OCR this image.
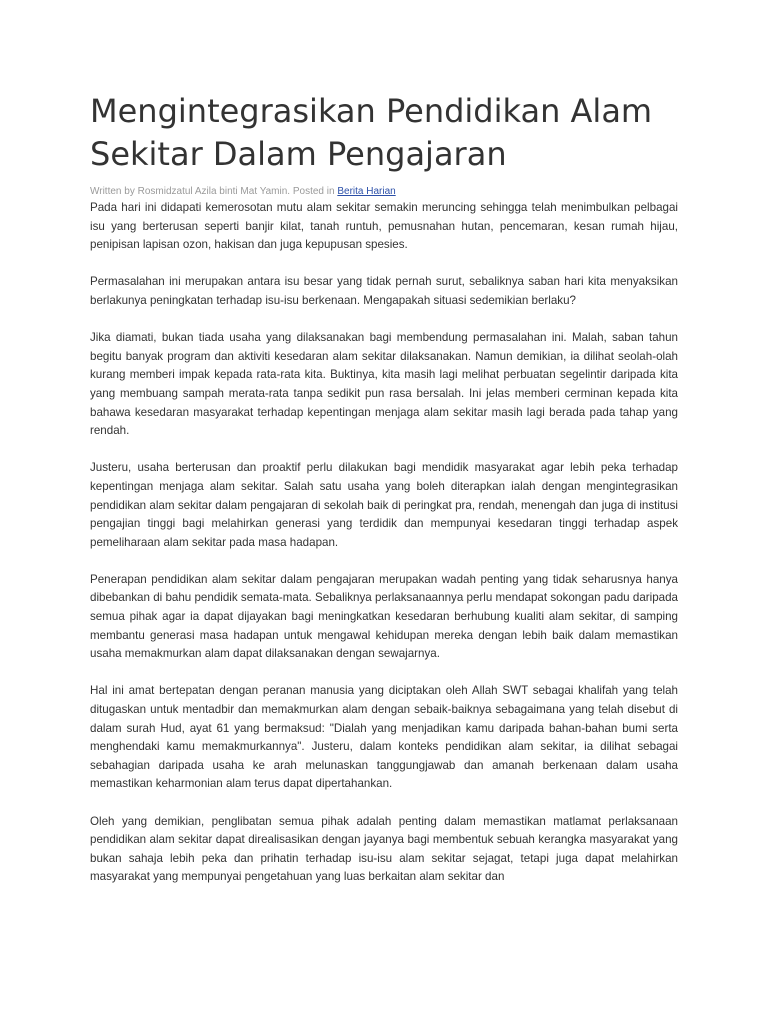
Mengintegrasikan Pendidikan Alam Sekitar Dalam Pengajaran
Written by Rosmidzatul Azila binti Mat Yamin. Posted in Berita Harian

Pada hari ini didapati kemerosotan mutu alam sekitar semakin meruncing sehingga telah menimbulkan pelbagai isu yang berterusan seperti banjir kilat, tanah runtuh, pemusnahan hutan, pencemaran, kesan rumah hijau, penipisan lapisan ozon, hakisan dan juga kepupusan spesies.

Permasalahan ini merupakan antara isu besar yang tidak pernah surut, sebaliknya saban hari kita menyaksikan berlakunya peningkatan terhadap isu-isu berkenaan. Mengapakah situasi sedemikian berlaku?

Jika diamati, bukan tiada usaha yang dilaksanakan bagi membendung permasalahan ini. Malah, saban tahun begitu banyak program dan aktiviti kesedaran alam sekitar dilaksanakan. Namun demikian, ia dilihat seolah-olah kurang memberi impak kepada rata-rata kita. Buktinya, kita masih lagi melihat perbuatan segelintir daripada kita yang membuang sampah merata-rata tanpa sedikit pun rasa bersalah. Ini jelas memberi cerminan kepada kita bahawa kesedaran masyarakat terhadap kepentingan menjaga alam sekitar masih lagi berada pada tahap yang rendah.

Justeru, usaha berterusan dan proaktif perlu dilakukan bagi mendidik masyarakat agar lebih peka terhadap kepentingan menjaga alam sekitar. Salah satu usaha yang boleh diterapkan ialah dengan mengintegrasikan pendidikan alam sekitar dalam pengajaran di sekolah baik di peringkat pra, rendah, menengah dan juga di institusi pengajian tinggi bagi melahirkan generasi yang terdidik dan mempunyai kesedaran tinggi terhadap aspek pemeliharaan alam sekitar pada masa hadapan.

Penerapan pendidikan alam sekitar dalam pengajaran merupakan wadah penting yang tidak seharusnya hanya dibebankan di bahu pendidik semata-mata. Sebaliknya perlaksanaannya perlu mendapat sokongan padu daripada semua pihak agar ia dapat dijayakan bagi meningkatkan kesedaran berhubung kualiti alam sekitar, di samping membantu generasi masa hadapan untuk mengawal kehidupan mereka dengan lebih baik dalam memastikan usaha memakmurkan alam dapat dilaksanakan dengan sewajarnya.

Hal ini amat bertepatan dengan peranan manusia yang diciptakan oleh Allah SWT sebagai khalifah yang telah ditugaskan untuk mentadbir dan memakmurkan alam dengan sebaik-baiknya sebagaimana yang telah disebut di dalam surah Hud, ayat 61 yang bermaksud: "Dialah yang menjadikan kamu daripada bahan-bahan bumi serta menghendaki kamu memakmurkannya". Justeru, dalam konteks pendidikan alam sekitar, ia dilihat sebagai sebahagian daripada usaha ke arah melunaskan tanggungjawab dan amanah berkenaan dalam usaha memastikan keharmonian alam terus dapat dipertahankan.

Oleh yang demikian, penglibatan semua pihak adalah penting dalam memastikan matlamat perlaksanaan pendidikan alam sekitar dapat direalisasikan dengan jayanya bagi membentuk sebuah kerangka masyarakat yang bukan sahaja lebih peka dan prihatin terhadap isu-isu alam sekitar sejagat, tetapi juga dapat melahirkan masyarakat yang mempunyai pengetahuan yang luas berkaitan alam sekitar dan
